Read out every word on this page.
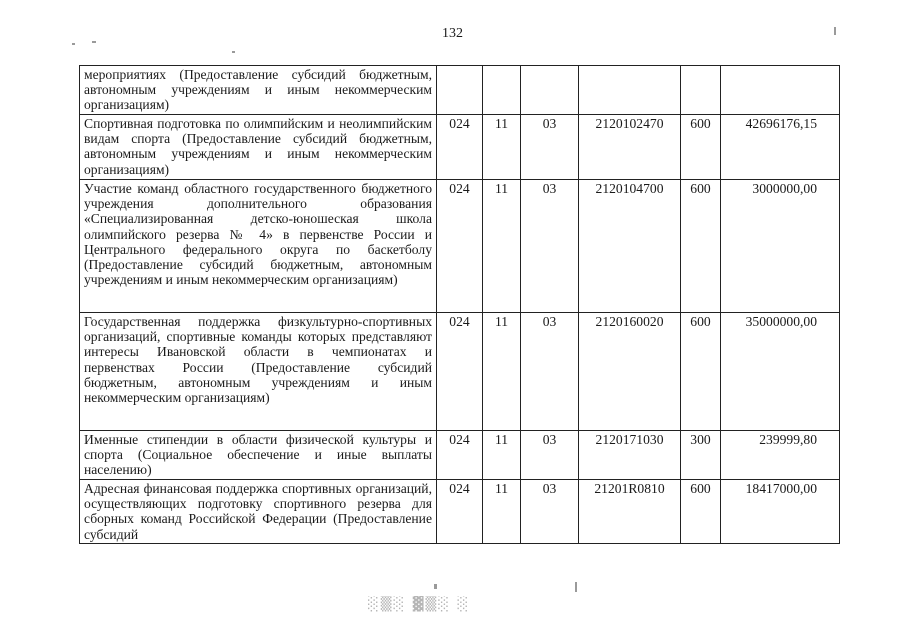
132
мероприятиях (Предоставление субсидий бюджетным, автономным учреждениям и иным некоммерческим организациям)						
Спортивная подготовка по олимпийским и неолимпийским видам спорта (Предоставление субсидий бюджетным, автономным учреждениям и иным некоммерческим организациям)	024	11	03	2120102470	600	42696176,15
Участие команд областного государственного бюджетного учреждения дополнительного образования «Специализированная детско-юношеская школа олимпийского резерва № 4» в первенстве России и Центрального федерального округа по баскетболу (Предоставление субсидий бюджетным, автономным учреждениям и иным некоммерческим организациям)	024	11	03	2120104700	600	3000000,00
Государственная поддержка физкультурно-спортивных организаций, спортивные команды которых представляют интересы Ивановской области в чемпионатах и первенствах России (Предоставление субсидий бюджетным, автономным учреждениям и иным некоммерческим организациям)	024	11	03	2120160020	600	35000000,00
Именные стипендии в области физической культуры и спорта (Социальное обеспечение и иные выплаты населению)	024	11	03	2120171030	300	239999,80
Адресная финансовая поддержка спортивных организаций, осуществляющих подготовку спортивного резерва для сборных команд Российской Федерации (Предоставление субсидий	024	11	03	21201R0810	600	18417000,00
░▒░ ▓▒░ ░
